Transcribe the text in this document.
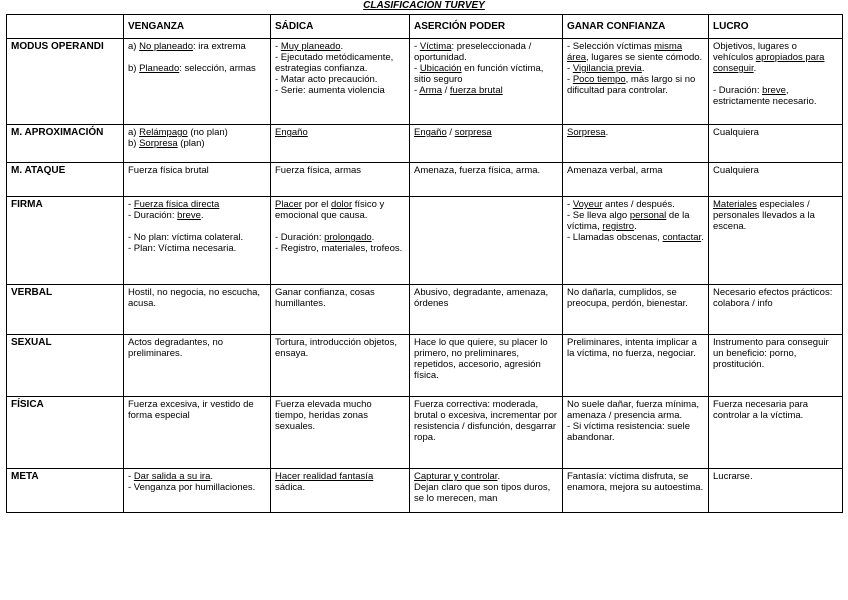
CLASIFICACIÓN TURVEY
	VENGANZA	SÁDICA	ASERCIÓN PODER	GANAR CONFIANZA	LUCRO
MODUS OPERANDI	a) No planeado: ira extrema
b) Planeado: selección, armas	- Muy planeado.
- Ejecutado metódicamente, estrategias confianza.
- Matar acto precaución.
- Serie: aumenta violencia	- Víctima: preseleccionada / oportunidad.
- Ubicación en función víctima, sitio seguro
- Arma / fuerza brutal	- Selección víctimas misma área, lugares se siente cómodo.
- Vigilancia previa.
- Poco tiempo, más largo si no dificultad para controlar.	Objetivos, lugares o vehículos apropiados para conseguir.
- Duración: breve, estrictamente necesario.

M. APROXIMACIÓN	a) Relámpago (no plan)
b) Sorpresa (plan)	Engaño	Engaño / sorpresa	Sorpresa.	Cualquiera

M. ATAQUE	Fuerza física brutal	Fuerza física, armas	Amenaza, fuerza física, arma.	Amenaza verbal, arma	Cualquiera

FIRMA	- Fuerza física directa
- Duración: breve.
- No plan: víctima colateral.
- Plan: Víctima necesaria.	Placer por el dolor físico y emocional que causa.
- Duración: prolongado.
- Registro, materiales, trofeos.		- Voyeur antes / después.
- Se lleva algo personal de la víctima, registro.
- Llamadas obscenas, contactar.	Materiales especiales / personales llevados a la escena.

VERBAL	Hostil, no negocia, no escucha, acusa.	Ganar confianza, cosas humillantes.	Abusivo, degradante, amenaza, órdenes	No dañarla, cumplidos, se preocupa, perdón, bienestar.	Necesario efectos prácticos: colabora / info

SEXUAL	Actos degradantes, no preliminares.	Tortura, introducción objetos, ensaya.	Hace lo que quiere, su placer lo primero, no preliminares, repetidos, accesorio, agresión física.	Preliminares, intenta implicar a la víctima, no fuerza, negociar.	Instrumento para conseguir un beneficio: porno, prostitución.

FÍSICA	Fuerza excesiva, ir vestido de forma especial	Fuerza elevada mucho tiempo, heridas zonas sexuales.	Fuerza correctiva: moderada, brutal o excesiva, incrementar por resistencia / disfunción, desgarrar ropa.	No suele dañar, fuerza mínima, amenaza / presencia arma.
- Si víctima resistencia: suele abandonar.	Fuerza necesaria para controlar a la víctima.

META	- Dar salida a su ira.
- Venganza por humillaciones.	Hacer realidad fantasía sádica.	Capturar y controlar.
Dejan claro que son tipos duros, se lo merecen, man	Fantasía: víctima disfruta, se enamora, mejora su autoestima.	Lucrarse.
